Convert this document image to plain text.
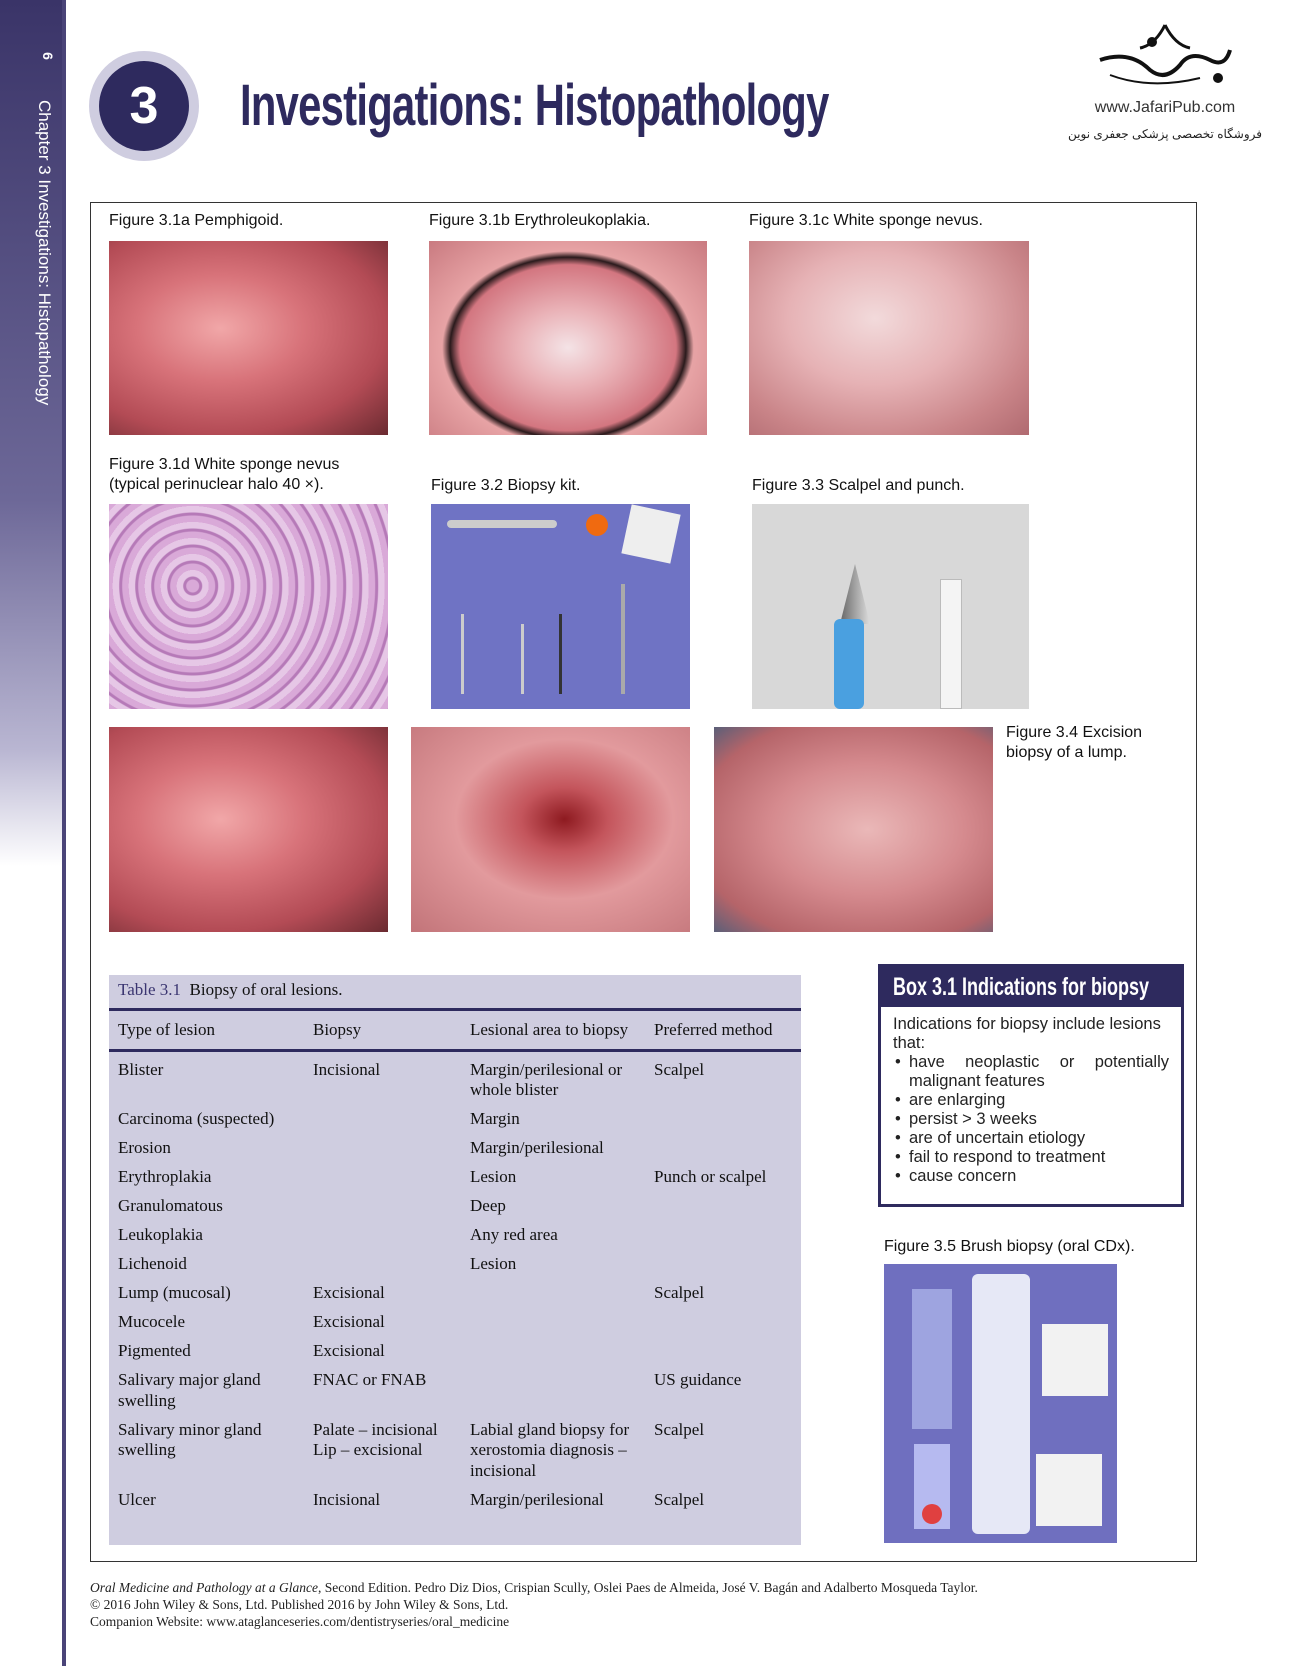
6
Chapter 3 Investigations: Histopathology	3	Investigations: Histopathology	www.JafariPub.com
فروشگاه تخصصی پزشکی جعفری نوین
Figure 3.1a Pemphigoid.	Figure 3.1b Erythroleukoplakia.	Figure 3.1c White sponge nevus.
Figure 3.1d White sponge nevus
(typical perinuclear halo 40 ×).	Figure 3.2 Biopsy kit.	Figure 3.3 Scalpel and punch.
Figure 3.4 Excision
biopsy of a lump.
Table 3.1 Biopsy of oral lesions.
Type of lesion	Biopsy	Lesional area to biopsy	Preferred method
Blister	Incisional	Margin/perilesional or whole blister	Scalpel
Carcinoma (suspected)		Margin	
Erosion		Margin/perilesional	
Erythroplakia		Lesion	Punch or scalpel
Granulomatous		Deep	
Leukoplakia		Any red area	
Lichenoid		Lesion	
Lump (mucosal)	Excisional		Scalpel
Mucocele	Excisional		
Pigmented	Excisional		
Salivary major gland swelling	FNAC or FNAB		US guidance
Salivary minor gland swelling	Palate – incisional Lip – excisional	Labial gland biopsy for xerostomia diagnosis – incisional	Scalpel
Ulcer	Incisional	Margin/perilesional	Scalpel
Box 3.1 Indications for biopsy
Indications for biopsy include lesions that:
• have neoplastic or potentially malignant features
• are enlarging
• persist > 3 weeks
• are of uncertain etiology
• fail to respond to treatment
• cause concern
Figure 3.5 Brush biopsy (oral CDx).
Oral Medicine and Pathology at a Glance, Second Edition. Pedro Diz Dios, Crispian Scully, Oslei Paes de Almeida, José V. Bagán and Adalberto Mosqueda Taylor.
© 2016 John Wiley & Sons, Ltd. Published 2016 by John Wiley & Sons, Ltd.
Companion Website: www.ataglanceseries.com/dentistryseries/oral_medicine
